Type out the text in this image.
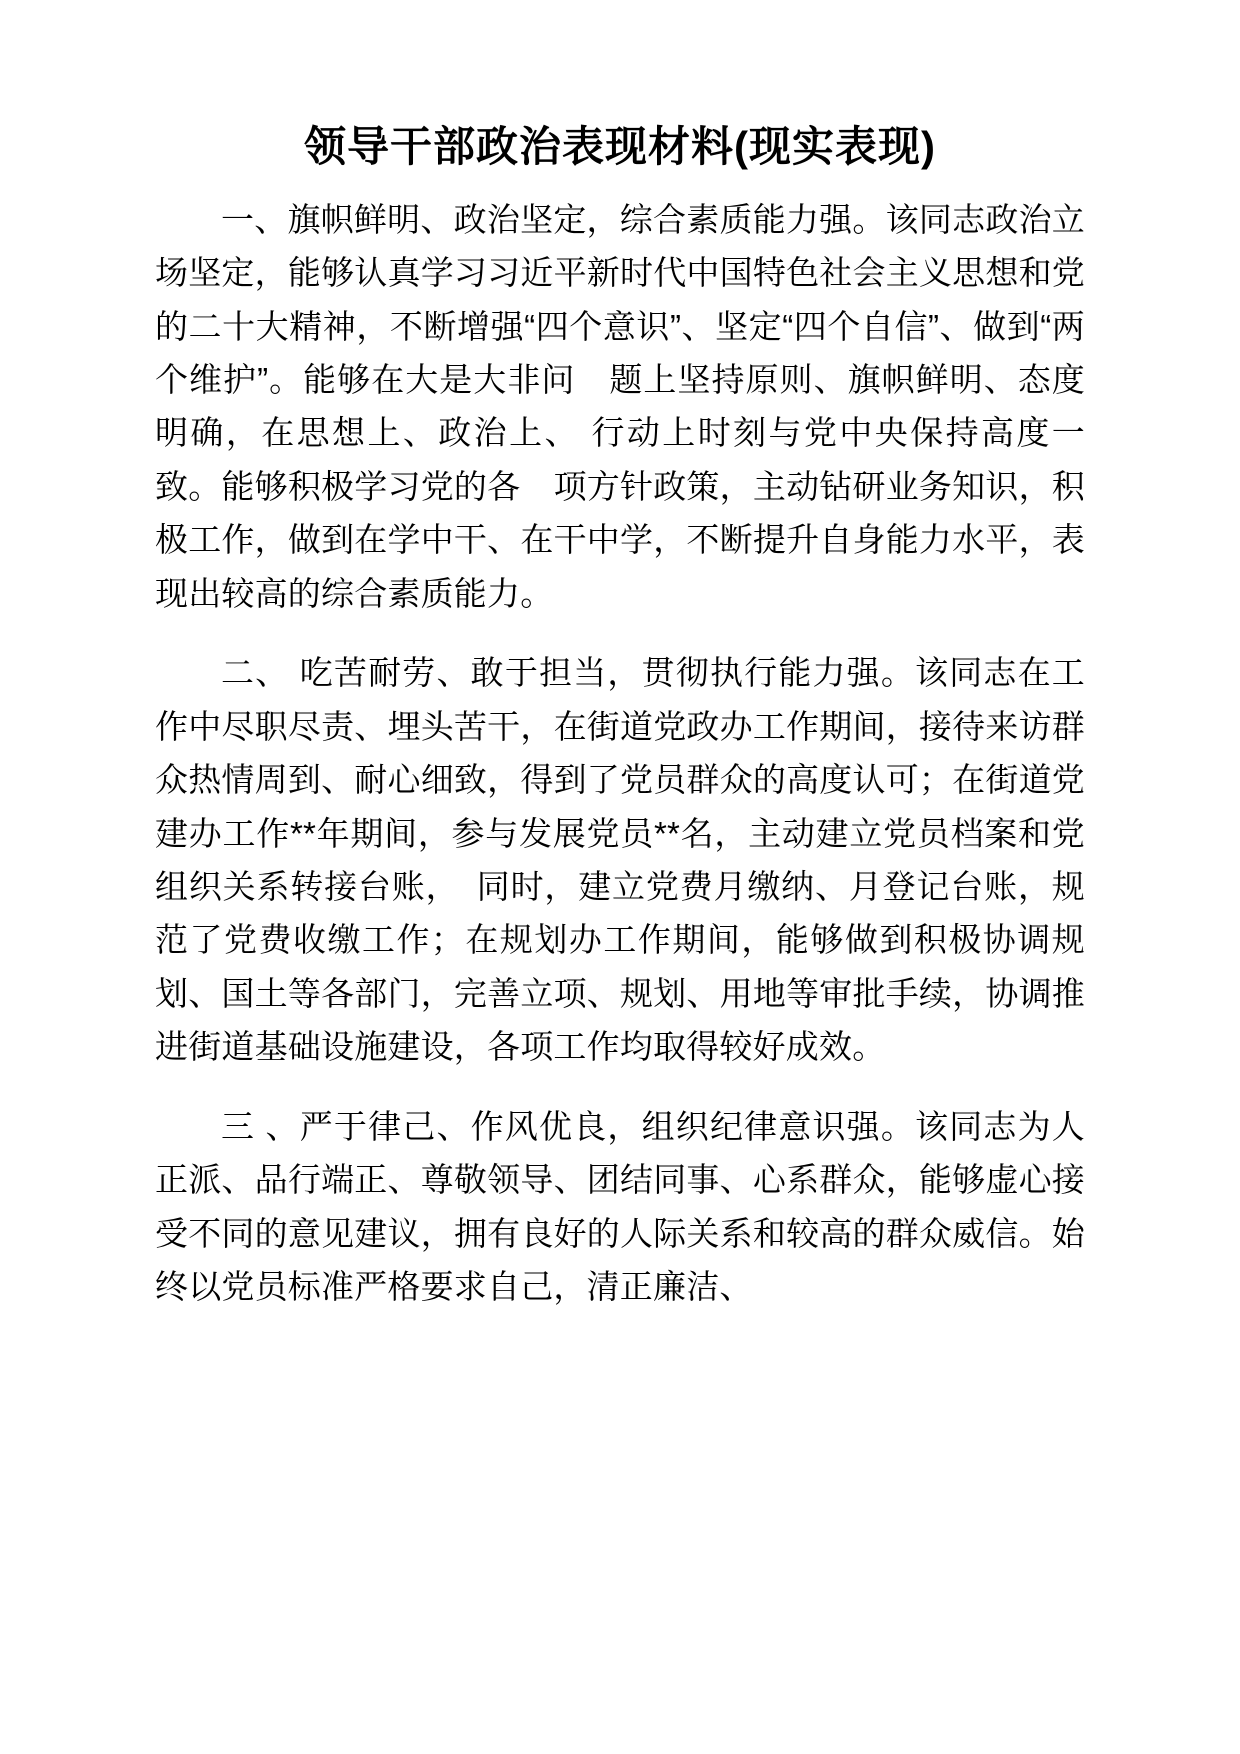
领导干部政治表现材料(现实表现)

一、旗帜鲜明、政治坚定，综合素质能力强。该同志政治立场坚定，能够认真学习习近平新时代中国特色社会主义思想和党的二十大精神，不断增强“四个意识”、坚定“四个自信”、做到“两个维护”。能够在大是大非问　题上坚持原则、旗帜鲜明、态度明确，在思想上、政治上、 行动上时刻与党中央保持高度一致。能够积极学习党的各　项方针政策，主动钻研业务知识，积极工作，做到在学中干、在干中学，不断提升自身能力水平，表现出较高的综合素质能力。

二、 吃苦耐劳、敢于担当，贯彻执行能力强。该同志在工作中尽职尽责、埋头苦干，在街道党政办工作期间，接待来访群众热情周到、耐心细致，得到了党员群众的高度认可；在街道党建办工作**年期间，参与发展党员**名，主动建立党员档案和党组织关系转接台账，　同时，建立党费月缴纳、月登记台账，规范了党费收缴工作；在规划办工作期间，能够做到积极协调规划、国土等各部门，完善立项、规划、用地等审批手续，协调推进街道基础设施建设，各项工作均取得较好成效。

三 、严于律己、作风优良，组织纪律意识强。该同志为人正派、品行端正、尊敬领导、团结同事、心系群众，能够虚心接受不同的意见建议，拥有良好的人际关系和较高的群众威信。始终以党员标准严格要求自己，清正廉洁、
